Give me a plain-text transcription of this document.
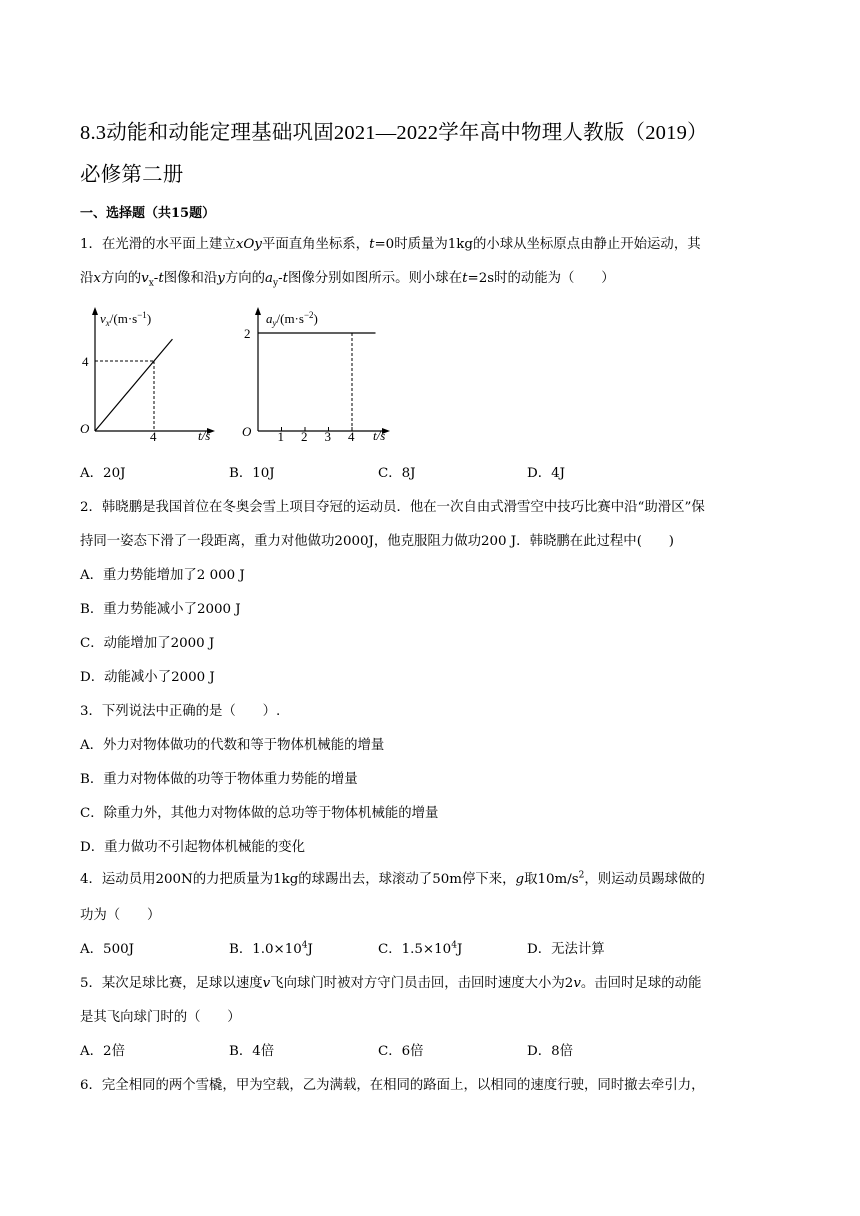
8.3动能和动能定理基础巩固2021—2022学年高中物理人教版（2019）
必修第二册
一、选择题（共15题）
1．在光滑的水平面上建立xOy平面直角坐标系，t=0时质量为1kg的小球从坐标原点由静止开始运动，其
沿x方向的$v_x-t$图像和沿y方向的$a_y-t$图像分别如图所示。则小球在t=2s时的动能为（　　）
$v_x/(m\cdot s^{-1})$
4
4
O	t/s	1 2 3 4
$a_y/(m\cdot s^{-2})$
2
O	t/s
A．20J	B．10J	C．8J	D．4J
2．韩晓鹏是我国首位在冬奥会雪上项目夺冠的运动员．他在一次自由式滑雪空中技巧比赛中沿“助滑区”保
持同一姿态下滑了一段距离，重力对他做功2000J，他克服阻力做功200 J．韩晓鹏在此过程中(　　)
A．重力势能增加了2 000 J
B．重力势能减小了2000 J
C．动能增加了2000 J
D．动能减小了2000 J
3．下列说法中正确的是（　　）.
A．外力对物体做功的代数和等于物体机械能的增量
B．重力对物体做的功等于物体重力势能的增量
C．除重力外，其他力对物体做的总功等于物体机械能的增量
D．重力做功不引起物体机械能的变化
4．运动员用200N的力把质量为1kg的球踢出去，球滚动了50m停下来，g取$10m/s^2$，则运动员踢球做的
功为（　　）
A．500J	B．$1.0\times 10^4J$	C．$1.5\times 10^4J$	D．无法计算
5．某次足球比赛，足球以速度v飞向球门时被对方守门员击回，击回时速度大小为2v。击回时足球的动能
是其飞向球门时的（　　）
A．2倍	B．4倍	C．6倍	D．8倍
6．完全相同的两个雪橇，甲为空载，乙为满载，在相同的路面上，以相同的速度行驶，同时撤去牵引力，
